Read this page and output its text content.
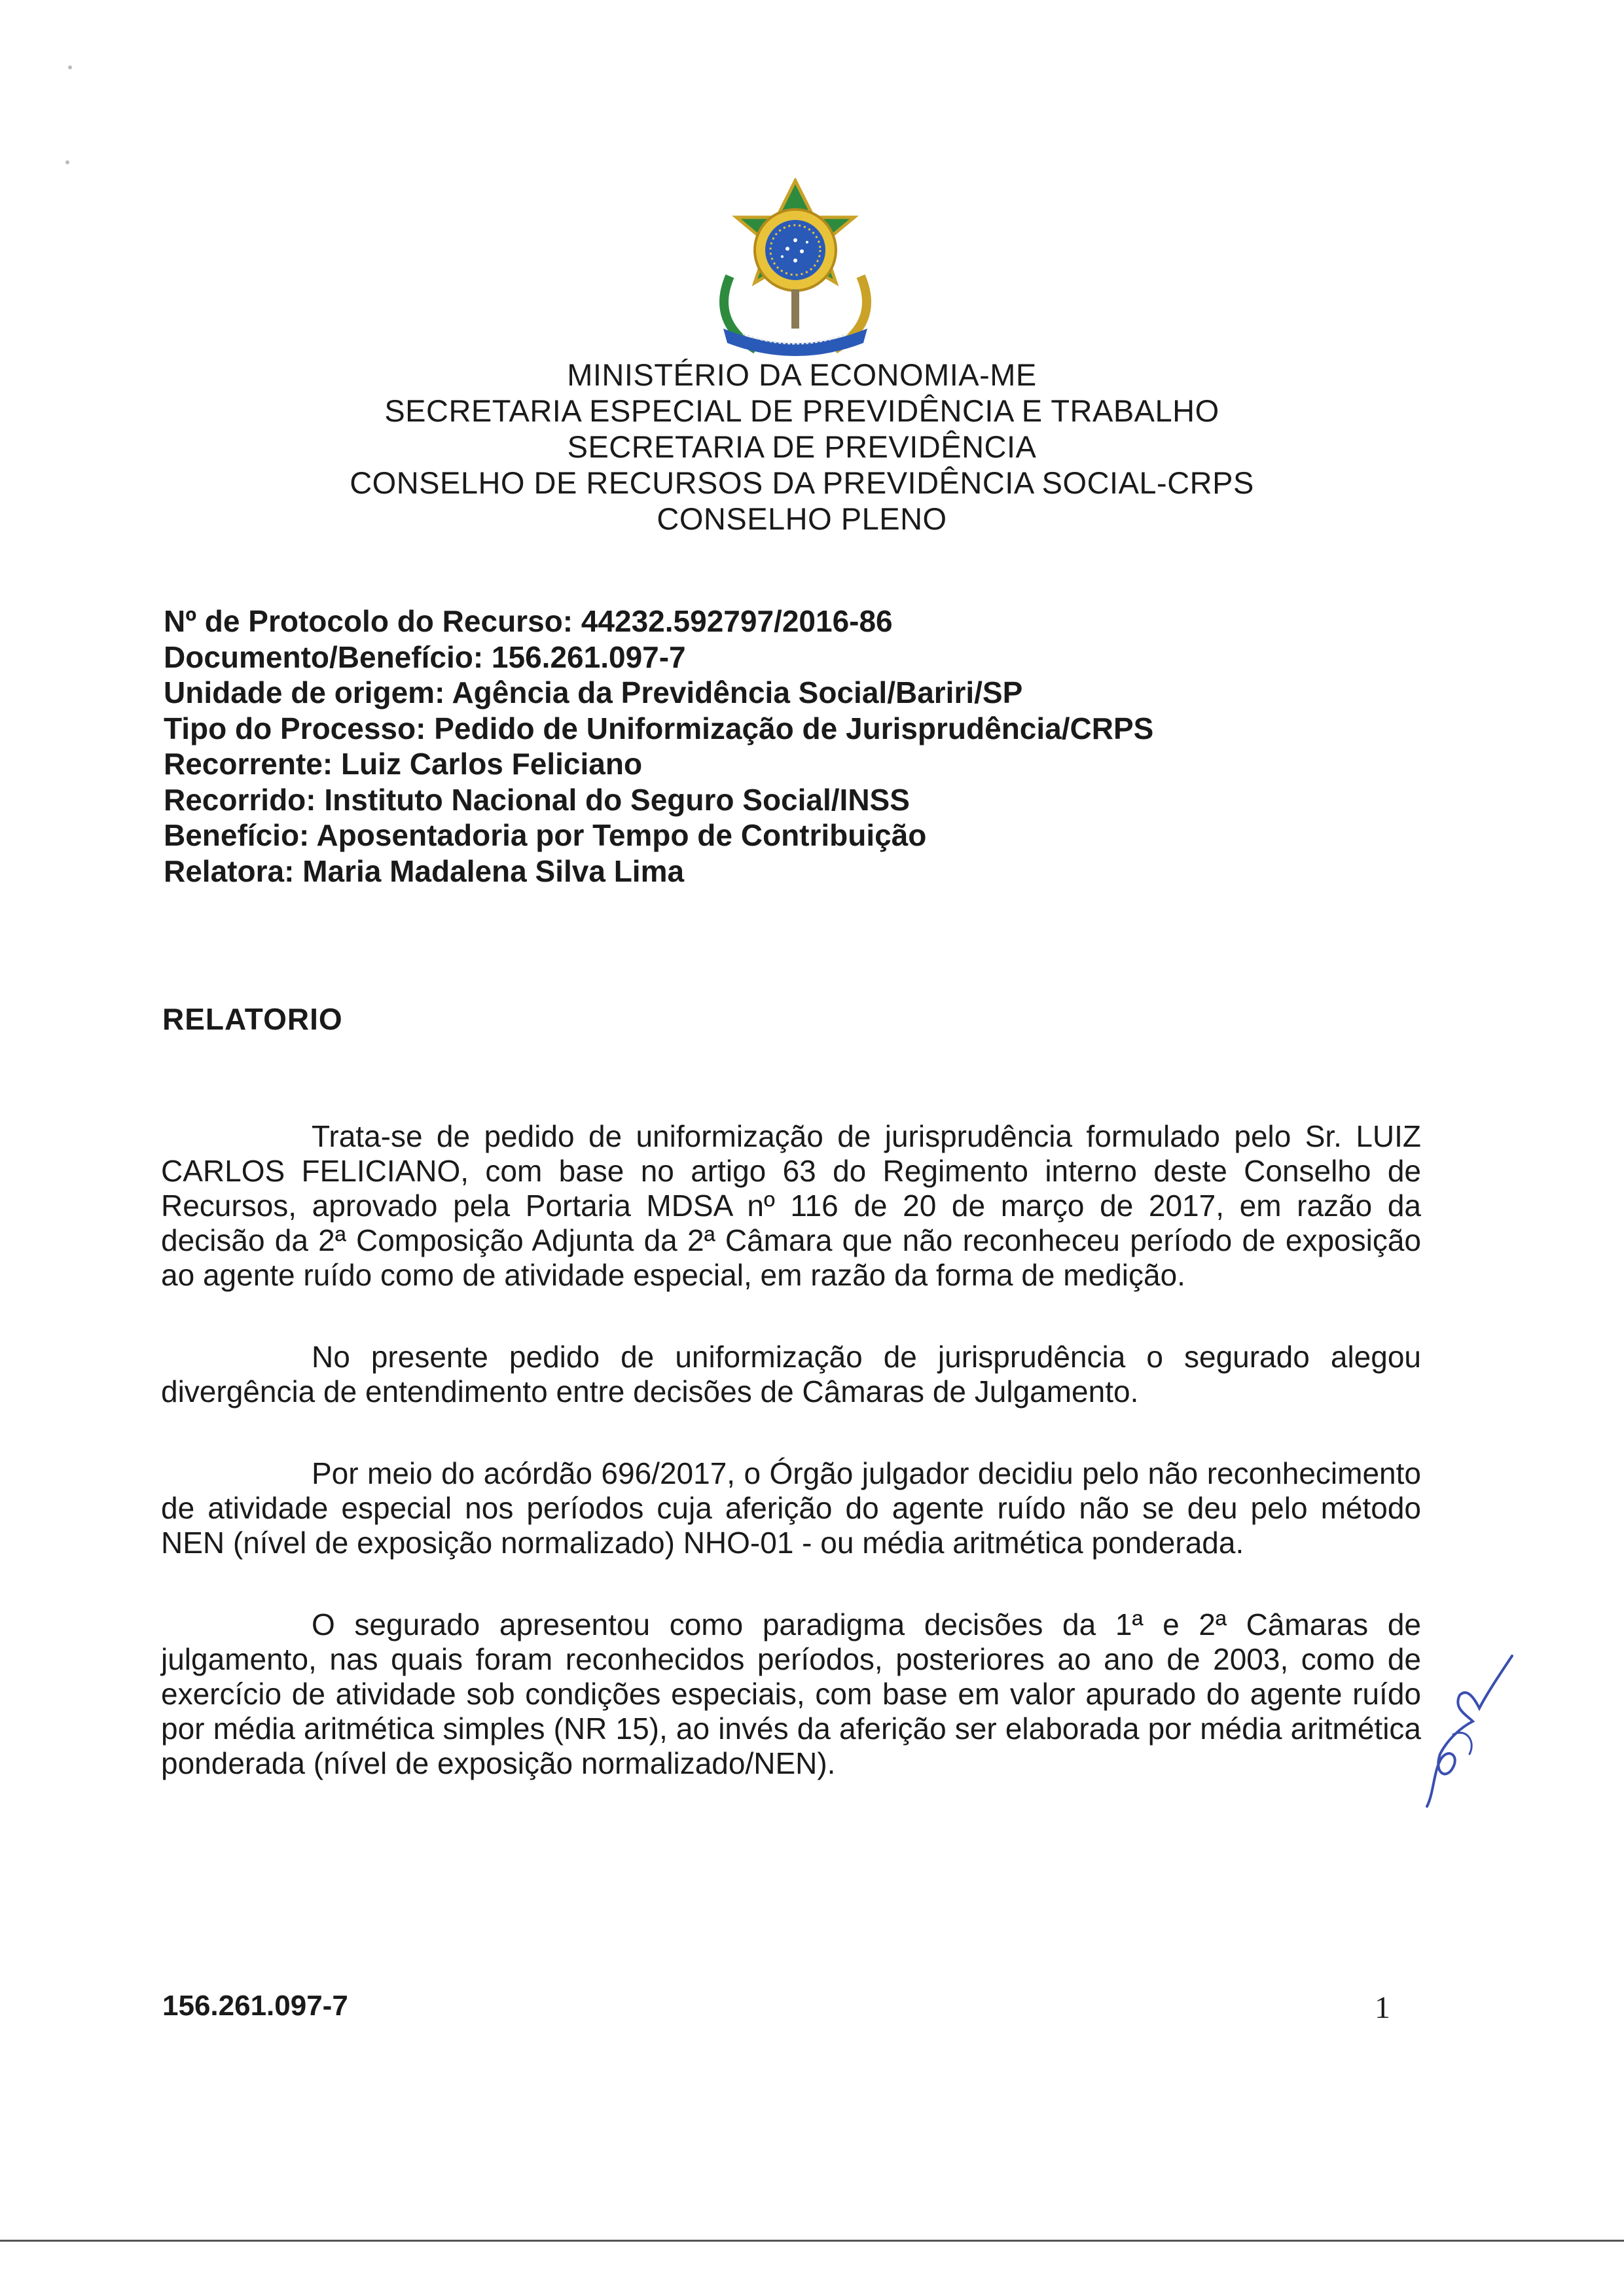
MINISTÉRIO DA ECONOMIA-ME
SECRETARIA ESPECIAL DE PREVIDÊNCIA E TRABALHO
SECRETARIA DE PREVIDÊNCIA
CONSELHO DE RECURSOS DA PREVIDÊNCIA SOCIAL-CRPS
CONSELHO PLENO
Nº de Protocolo do Recurso: 44232.592797/2016-86
Documento/Benefício: 156.261.097-7
Unidade de origem: Agência da Previdência Social/Bariri/SP
Tipo do Processo: Pedido de Uniformização de Jurisprudência/CRPS
Recorrente: Luiz Carlos Feliciano
Recorrido: Instituto Nacional do Seguro Social/INSS
Benefício: Aposentadoria por Tempo de Contribuição
Relatora: Maria Madalena Silva Lima
RELATORIO

Trata-se de pedido de uniformização de jurisprudência formulado pelo Sr. LUIZ CARLOS FELICIANO, com base no artigo 63 do Regimento interno deste Conselho de Recursos, aprovado pela Portaria MDSA nº 116 de 20 de março de 2017, em razão da decisão da 2ª Composição Adjunta da 2ª Câmara que não reconheceu período de exposição ao agente ruído como de atividade especial, em razão da forma de medição.

No presente pedido de uniformização de jurisprudência o segurado alegou divergência de entendimento entre decisões de Câmaras de Julgamento.

Por meio do acórdão 696/2017, o Órgão julgador decidiu pelo não reconhecimento de atividade especial nos períodos cuja aferição do agente ruído não se deu pelo método NEN (nível de exposição normalizado) NHO-01 - ou média aritmética ponderada.

O segurado apresentou como paradigma decisões da 1ª e 2ª Câmaras de julgamento, nas quais foram reconhecidos períodos, posteriores ao ano de 2003, como de exercício de atividade sob condições especiais, com base em valor apurado do agente ruído por média aritmética simples (NR 15), ao invés da aferição ser elaborada por média aritmética ponderada (nível de exposição normalizado/NEN).

156.261.097-7	1
